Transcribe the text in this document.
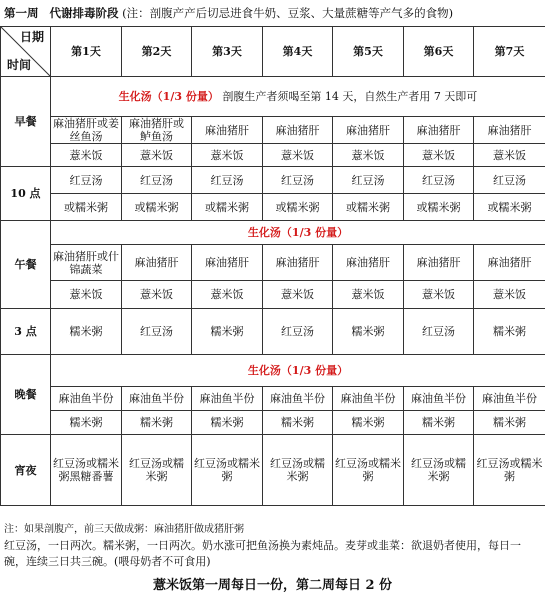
第一周 代谢排毒阶段 (注：剖腹产产后切忌进食牛奶、豆浆、大量蔗糖等产气多的食物)
日期
时间	第1天	第2天	第3天	第4天	第5天	第6天	第7天
早餐	生化汤（1/3 份量） 剖腹生产者须喝至第 14 天，自然生产者用 7 天即可						
	麻油猪肝或姜丝鱼汤	麻油猪肝或鲈鱼汤	麻油猪肝	麻油猪肝	麻油猪肝	麻油猪肝	麻油猪肝
	薏米饭	薏米饭	薏米饭	薏米饭	薏米饭	薏米饭	薏米饭
10 点	红豆汤	红豆汤	红豆汤	红豆汤	红豆汤	红豆汤	红豆汤
	或糯米粥	或糯米粥	或糯米粥	或糯米粥	或糯米粥	或糯米粥	或糯米粥
午餐	生化汤（1/3 份量）						
	麻油猪肝或什锦蔬菜	麻油猪肝	麻油猪肝	麻油猪肝	麻油猪肝	麻油猪肝	麻油猪肝
	薏米饭	薏米饭	薏米饭	薏米饭	薏米饭	薏米饭	薏米饭
3 点	糯米粥	红豆汤	糯米粥	红豆汤	糯米粥	红豆汤	糯米粥
晚餐	生化汤（1/3 份量）						
	麻油鱼半份	麻油鱼半份	麻油鱼半份	麻油鱼半份	麻油鱼半份	麻油鱼半份	麻油鱼半份
	糯米粥	糯米粥	糯米粥	糯米粥	糯米粥	糯米粥	糯米粥
宵夜	红豆汤或糯米粥黑糖番薯	红豆汤或糯米粥	红豆汤或糯米粥	红豆汤或糯米粥	红豆汤或糯米粥	红豆汤或糯米粥	红豆汤或糯米粥
注：如果剖腹产，前三天做成粥：麻油猪肝做成猪肝粥
红豆汤，一日两次。糯米粥，一日两次。奶水涨可把鱼汤换为素炖品。麦芽或韭菜：欲退奶者使用，每日一碗，连续三日共三碗。(喂母奶者不可食用)
薏米饭第一周每日一份，第二周每日 2 份
